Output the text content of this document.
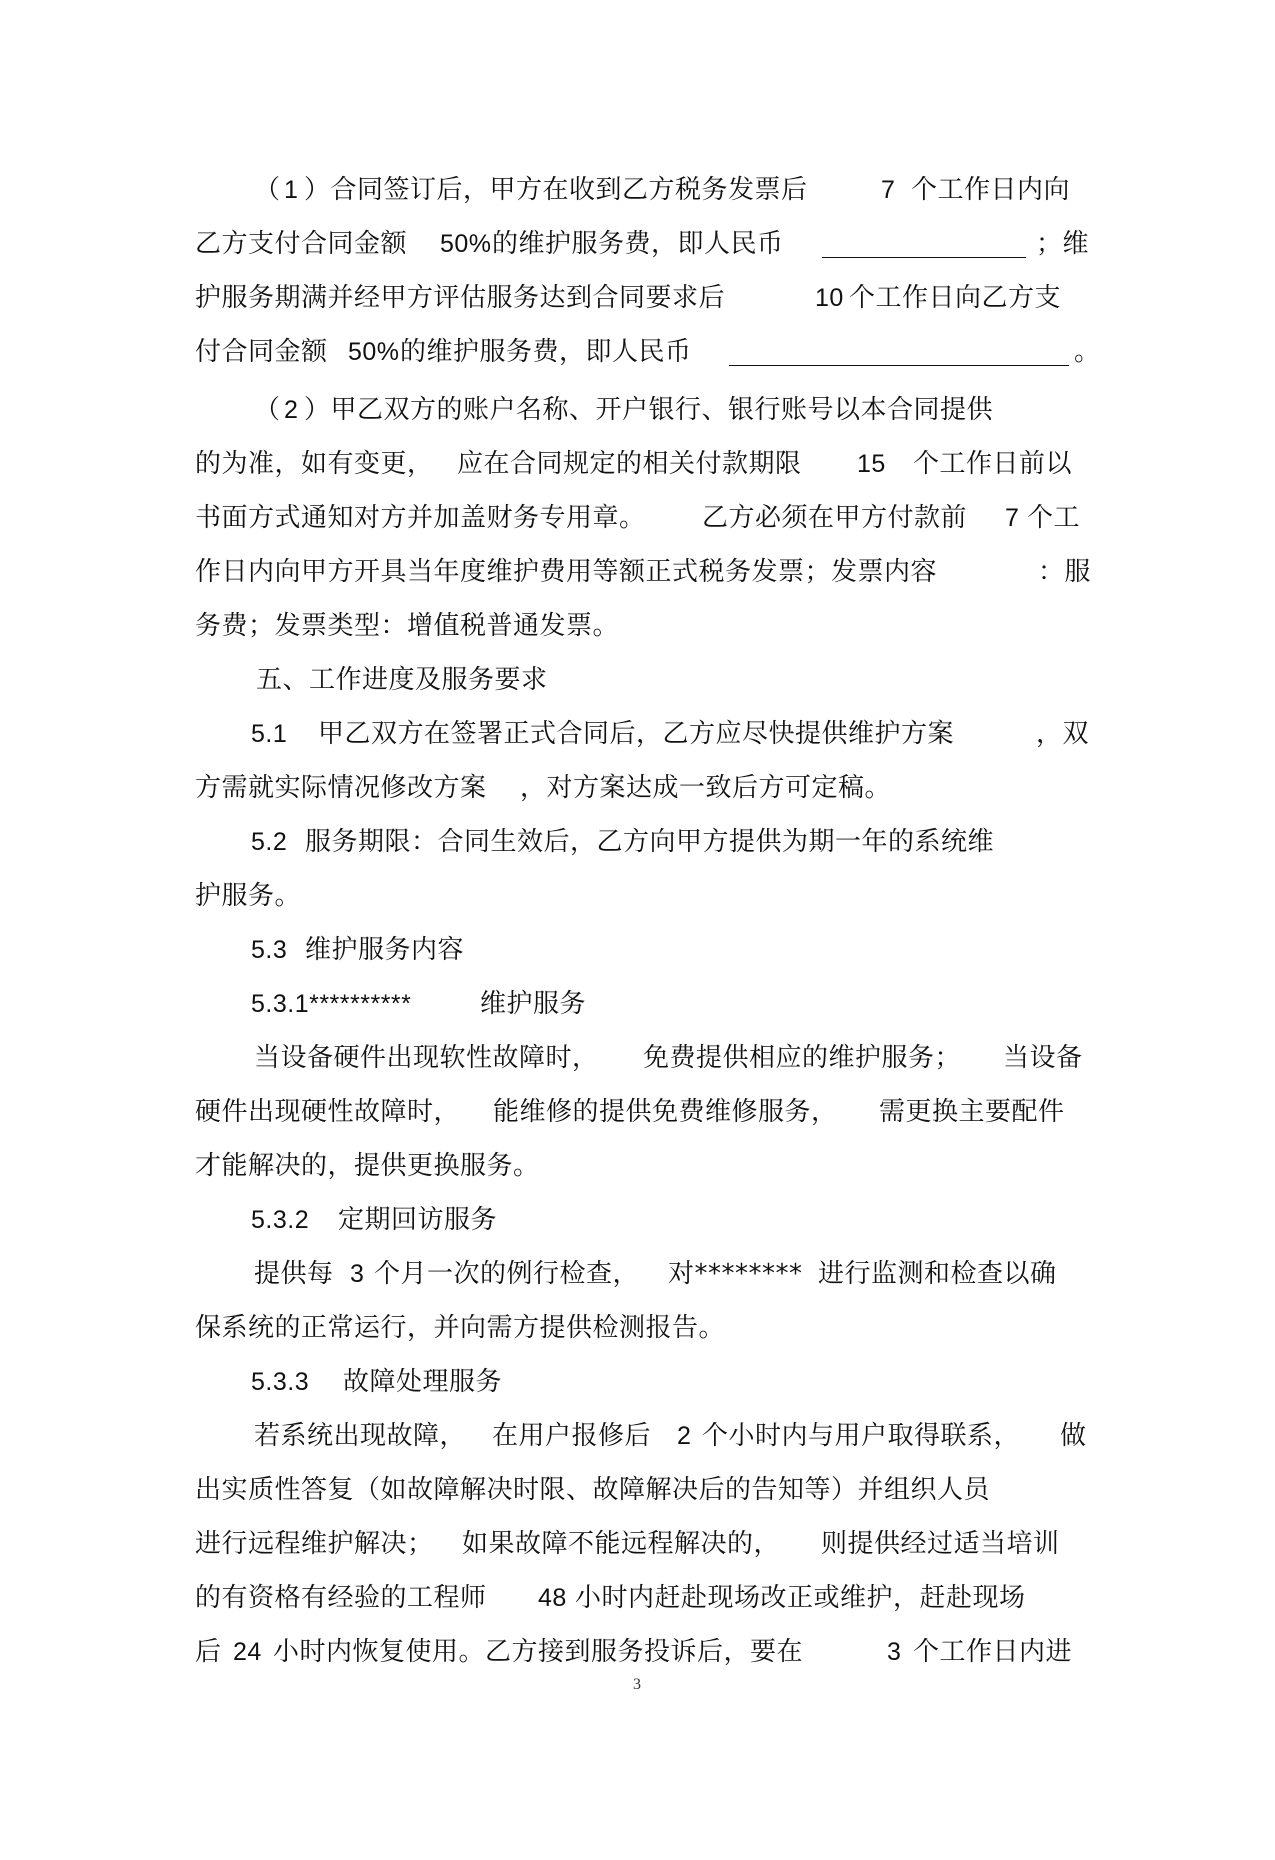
（

1

）合同签订后，甲方在收到乙方税务发票后

	7

个工作日内向

乙方支付合同金额

50%

的维护服务费，即人民币

	；维

护服务期满并经甲方评估服务达到合同要求后

	10

个工作日向乙方支

付合同金额

50%

的维护服务费，即人民币

	。

（

2

）甲乙双方的账户名称、开户银行、银行账号以本合同提供

的为准，如有变更，

应在合同规定的相关付款期限

15

个工作日前以

书面方式通知对方并加盖财务专用章。

乙方必须在甲方付款前

7

个工

作日内向甲方开具当年度维护费用等额正式税务发票；发票内容

	：服

务费；发票类型：增值税普通发票。

五、工作进度及服务要求

5.1

甲乙双方在签署正式合同后，乙方应尽快提供维护方案

	，双

方需就实际情况修改方案

，对方案达成一致后方可定稿。

5.2

服务期限：合同生效后，乙方向甲方提供为期一年的系统维

护服务。

5.3

维护服务内容

5.3.1**********

	维护服务

当设备硬件出现软性故障时，

免费提供相应的维护服务；

当设备

硬件出现硬性故障时，

能维修的提供免费维修服务，

需更换主要配件

才能解决的，提供更换服务。

5.3.2

定期回访服务

提供每

3

个月一次的例行检查，

对********

进行监测和检查以确

保系统的正常运行，并向需方提供检测报告。

5.3.3

故障处理服务

若系统出现故障，

在用户报修后

2

个小时内与用户取得联系，

做

出实质性答复（如故障解决时限、故障解决后的告知等）并组织人员

进行远程维护解决；

如果故障不能远程解决的，

则提供经过适当培训

的有资格有经验的工程师

48

小时内赶赴现场改正或维护，赶赴现场

后

24

小时内恢复使用。乙方接到服务投诉后，要在

	3

个工作日内进

3
